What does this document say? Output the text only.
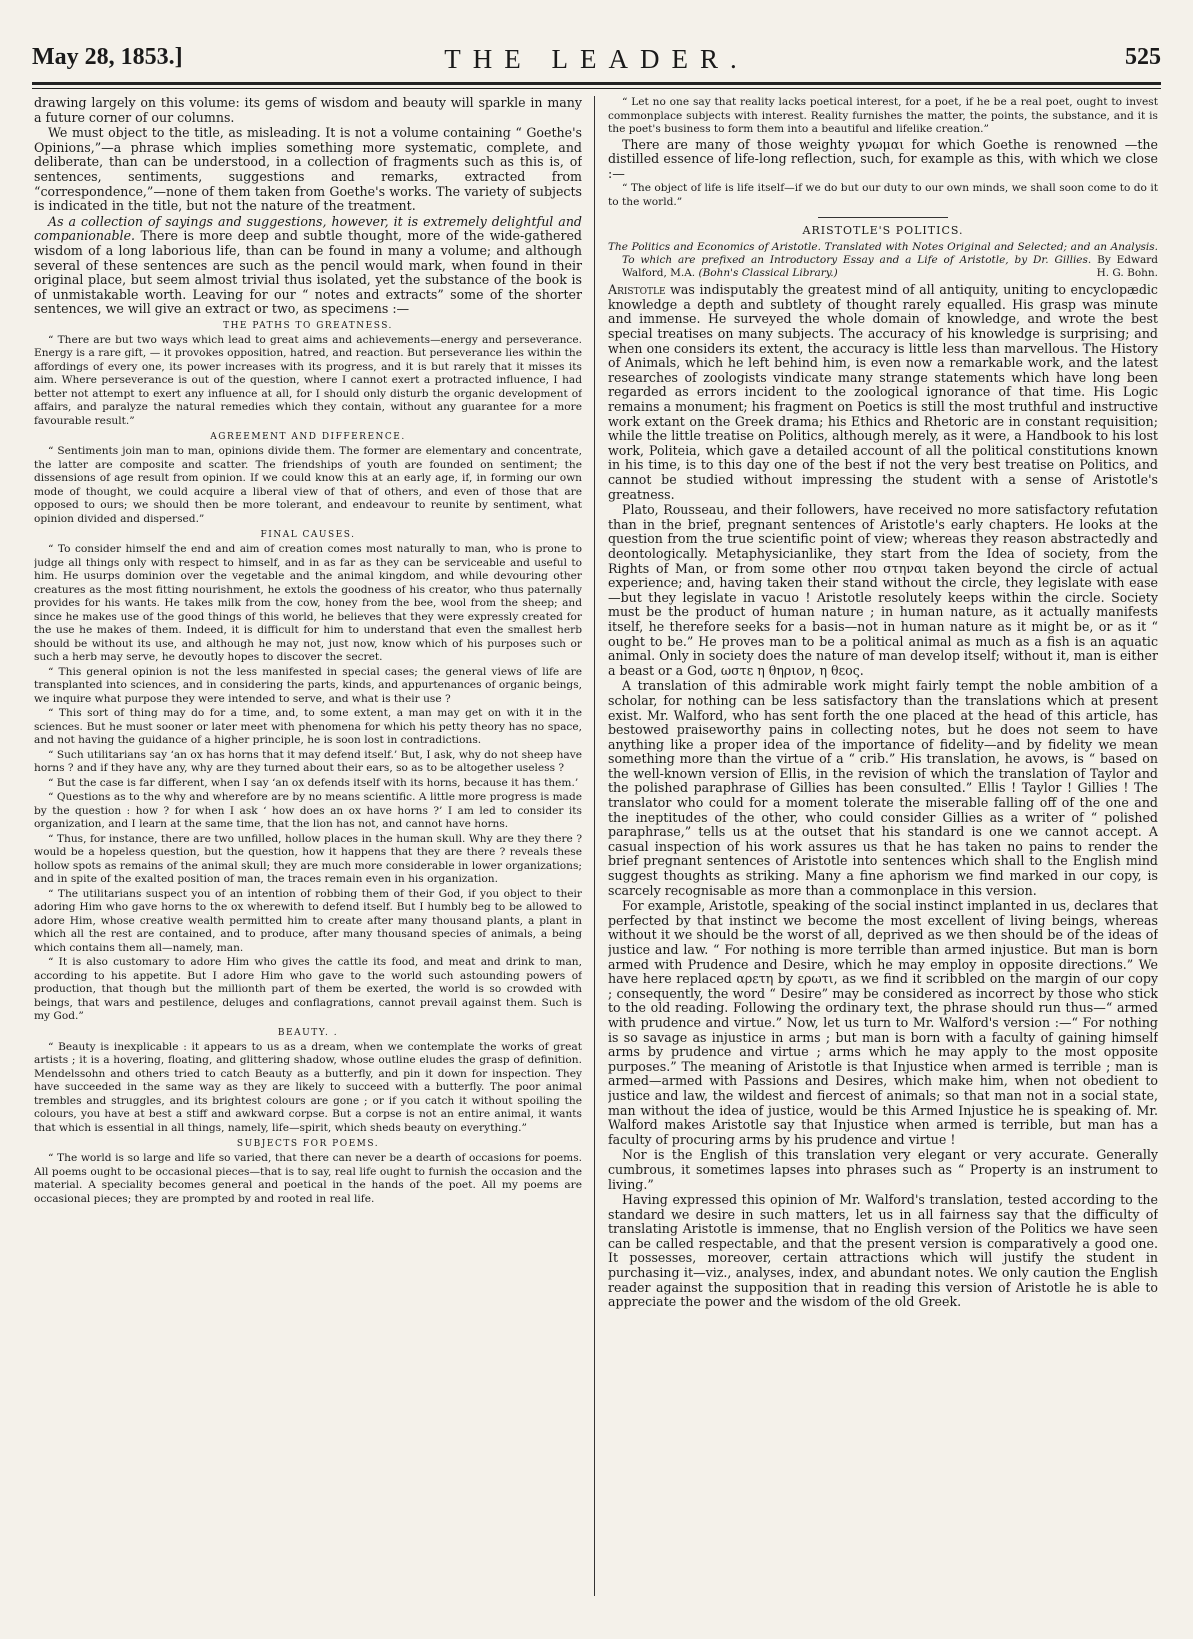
May 28, 1853.]	THE LEADER.	525

drawing largely on this volume: its gems of wisdom and beauty will sparkle in many a future corner of our columns.

We must object to the title, as misleading. It is not a volume containing “ Goethe's Opinions,”—a phrase which implies something more systematic, complete, and deliberate, than can be understood, in a collection of fragments such as this is, of sentences, sentiments, suggestions and remarks, extracted from “correspondence,”—none of them taken from Goethe's works. The variety of subjects is indicated in the title, but not the nature of the treatment.

As a collection of sayings and suggestions, however, it is extremely delightful and companionable. There is more deep and subtle thought, more of the wide-gathered wisdom of a long laborious life, than can be found in many a volume; and although several of these sentences are such as the pencil would mark, when found in their original place, but seem almost trivial thus isolated, yet the substance of the book is of unmistakable worth. Leaving for our “ notes and extracts” some of the shorter sentences, we will give an extract or two, as specimens :—

THE PATHS TO GREATNESS.

“ There are but two ways which lead to great aims and achievements—energy and perseverance. Energy is a rare gift, — it provokes opposition, hatred, and reaction. But perseverance lies within the affordings of every one, its power increases with its progress, and it is but rarely that it misses its aim. Where perseverance is out of the question, where I cannot exert a protracted influence, I had better not attempt to exert any influence at all, for I should only disturb the organic development of affairs, and paralyze the natural remedies which they contain, without any guarantee for a more favourable result.”

AGREEMENT AND DIFFERENCE.

“ Sentiments join man to man, opinions divide them. The former are elementary and concentrate, the latter are composite and scatter. The friendships of youth are founded on sentiment; the dissensions of age result from opinion. If we could know this at an early age, if, in forming our own mode of thought, we could acquire a liberal view of that of others, and even of those that are opposed to ours; we should then be more tolerant, and endeavour to reunite by sentiment, what opinion divided and dispersed.”

FINAL CAUSES.

“ To consider himself the end and aim of creation comes most naturally to man, who is prone to judge all things only with respect to himself, and in as far as they can be serviceable and useful to him. He usurps dominion over the vegetable and the animal kingdom, and while devouring other creatures as the most fitting nourishment, he extols the goodness of his creator, who thus paternally provides for his wants. He takes milk from the cow, honey from the bee, wool from the sheep; and since he makes use of the good things of this world, he believes that they were expressly created for the use he makes of them. Indeed, it is difficult for him to understand that even the smallest herb should be without its use, and although he may not, just now, know which of his purposes such or such a herb may serve, he devoutly hopes to discover the secret.

“ This general opinion is not the less manifested in special cases; the general views of life are transplanted into sciences, and in considering the parts, kinds, and appurtenances of organic beings, we inquire what purpose they were intended to serve, and what is their use ?

“ This sort of thing may do for a time, and, to some extent, a man may get on with it in the sciences. But he must sooner or later meet with phenomena for which his petty theory has no space, and not having the guidance of a higher principle, he is soon lost in contradictions.

“ Such utilitarians say ‘an ox has horns that it may defend itself.’ But, I ask, why do not sheep have horns ? and if they have any, why are they turned about their ears, so as to be altogether useless ?

“ But the case is far different, when I say ‘an ox defends itself with its horns, because it has them.’

“ Questions as to the why and wherefore are by no means scientific. A little more progress is made by the question : how ? for when I ask ‘ how does an ox have horns ?’ I am led to consider its organization, and I learn at the same time, that the lion has not, and cannot have horns.

“ Thus, for instance, there are two unfilled, hollow places in the human skull. Why are they there ? would be a hopeless question, but the question, how it happens that they are there ? reveals these hollow spots as remains of the animal skull; they are much more considerable in lower organizations; and in spite of the exalted position of man, the traces remain even in his organization.

“ The utilitarians suspect you of an intention of robbing them of their God, if you object to their adoring Him who gave horns to the ox wherewith to defend itself. But I humbly beg to be allowed to adore Him, whose creative wealth permitted him to create after many thousand plants, a plant in which all the rest are contained, and to produce, after many thousand species of animals, a being which contains them all—namely, man.

“ It is also customary to adore Him who gives the cattle its food, and meat and drink to man, according to his appetite. But I adore Him who gave to the world such astounding powers of production, that though but the millionth part of them be exerted, the world is so crowded with beings, that wars and pestilence, deluges and conflagrations, cannot prevail against them. Such is my God.”

BEAUTY. .

“ Beauty is inexplicable : it appears to us as a dream, when we contemplate the works of great artists ; it is a hovering, floating, and glittering shadow, whose outline eludes the grasp of definition. Mendelssohn and others tried to catch Beauty as a butterfly, and pin it down for inspection. They have succeeded in the same way as they are likely to succeed with a butterfly. The poor animal trembles and struggles, and its brightest colours are gone ; or if you catch it without spoiling the colours, you have at best a stiff and awkward corpse. But a corpse is not an entire animal, it wants that which is essential in all things, namely, life—spirit, which sheds beauty on everything.”

SUBJECTS FOR POEMS.

“ The world is so large and life so varied, that there can never be a dearth of occasions for poems. All poems ought to be occasional pieces—that is to say, real life ought to furnish the occasion and the material. A speciality becomes general and poetical in the hands of the poet. All my poems are occasional pieces; they are prompted by and rooted in real life.

“ Let no one say that reality lacks poetical interest, for a poet, if he be a real poet, ought to invest commonplace subjects with interest. Reality furnishes the matter, the points, the substance, and it is the poet's business to form them into a beautiful and lifelike creation.”

There are many of those weighty γνωμαι for which Goethe is renowned —the distilled essence of life-long reflection, such, for example as this, with which we close :—

“ The object of life is life itself—if we do but our duty to our own minds, we shall soon come to do it to the world.”

ARISTOTLE'S POLITICS.

The Politics and Economics of Aristotle. Translated with Notes Original and Selected; and an Analysis. To which are prefixed an Introductory Essay and a Life of Aristotle, by Dr. Gillies. By Edward Walford, M.A. (Bohn's Classical Library.)	H. G. Bohn.

Aristotle was indisputably the greatest mind of all antiquity, uniting to encyclopædic knowledge a depth and subtlety of thought rarely equalled. His grasp was minute and immense. He surveyed the whole domain of knowledge, and wrote the best special treatises on many subjects. The accuracy of his knowledge is surprising; and when one considers its extent, the accuracy is little less than marvellous. The History of Animals, which he left behind him, is even now a remarkable work, and the latest researches of zoologists vindicate many strange statements which have long been regarded as errors incident to the zoological ignorance of that time. His Logic remains a monument; his fragment on Poetics is still the most truthful and instructive work extant on the Greek drama; his Ethics and Rhetoric are in constant requisition; while the little treatise on Politics, although merely, as it were, a Handbook to his lost work, Politeia, which gave a detailed account of all the political constitutions known in his time, is to this day one of the best if not the very best treatise on Politics, and cannot be studied without impressing the student with a sense of Aristotle's greatness.

Plato, Rousseau, and their followers, have received no more satisfactory refutation than in the brief, pregnant sentences of Aristotle's early chapters. He looks at the question from the true scientific point of view; whereas they reason abstractedly and deontologically. Metaphysicianlike, they start from the Idea of society, from the Rights of Man, or from some other πoυ στηναι taken beyond the circle of actual experience; and, having taken their stand without the circle, they legislate with ease—but they legislate in vacuo ! Aristotle resolutely keeps within the circle. Society must be the product of human nature ; in human nature, as it actually manifests itself, he therefore seeks for a basis—not in human nature as it might be, or as it “ ought to be.” He proves man to be a political animal as much as a fish is an aquatic animal. Only in society does the nature of man develop itself; without it, man is either a beast or a God, ωστε η θηριον, η θεος.

A translation of this admirable work might fairly tempt the noble ambition of a scholar, for nothing can be less satisfactory than the translations which at present exist. Mr. Walford, who has sent forth the one placed at the head of this article, has bestowed praiseworthy pains in collecting notes, but he does not seem to have anything like a proper idea of the importance of fidelity—and by fidelity we mean something more than the virtue of a “ crib.” His translation, he avows, is “ based on the well-known version of Ellis, in the revision of which the translation of Taylor and the polished paraphrase of Gillies has been consulted.” Ellis ! Taylor ! Gillies ! The translator who could for a moment tolerate the miserable falling off of the one and the ineptitudes of the other, who could consider Gillies as a writer of “ polished paraphrase,” tells us at the outset that his standard is one we cannot accept. A casual inspection of his work assures us that he has taken no pains to render the brief pregnant sentences of Aristotle into sentences which shall to the English mind suggest thoughts as striking. Many a fine aphorism we find marked in our copy, is scarcely recognisable as more than a commonplace in this version.

For example, Aristotle, speaking of the social instinct implanted in us, declares that perfected by that instinct we become the most excellent of living beings, whereas without it we should be the worst of all, deprived as we then should be of the ideas of justice and law. “ For nothing is more terrible than armed injustice. But man is born armed with Prudence and Desire, which he may employ in opposite directions.” We have here replaced αρετη by ερωτι, as we find it scribbled on the margin of our copy ; consequently, the word “ Desire” may be considered as incorrect by those who stick to the old reading. Following the ordinary text, the phrase should run thus—“ armed with prudence and virtue.” Now, let us turn to Mr. Walford's version :—“ For nothing is so savage as injustice in arms ; but man is born with a faculty of gaining himself arms by prudence and virtue ; arms which he may apply to the most opposite purposes.” The meaning of Aristotle is that Injustice when armed is terrible ; man is armed—armed with Passions and Desires, which make him, when not obedient to justice and law, the wildest and fiercest of animals; so that man not in a social state, man without the idea of justice, would be this Armed Injustice he is speaking of. Mr. Walford makes Aristotle say that Injustice when armed is terrible, but man has a faculty of procuring arms by his prudence and virtue !

Nor is the English of this translation very elegant or very accurate. Generally cumbrous, it sometimes lapses into phrases such as “ Property is an instrument to living.”

Having expressed this opinion of Mr. Walford's translation, tested according to the standard we desire in such matters, let us in all fairness say that the difficulty of translating Aristotle is immense, that no English version of the Politics we have seen can be called respectable, and that the present version is comparatively a good one. It possesses, moreover, certain attractions which will justify the student in purchasing it—viz., analyses, index, and abundant notes. We only caution the English reader against the supposition that in reading this version of Aristotle he is able to appreciate the power and the wisdom of the old Greek.
